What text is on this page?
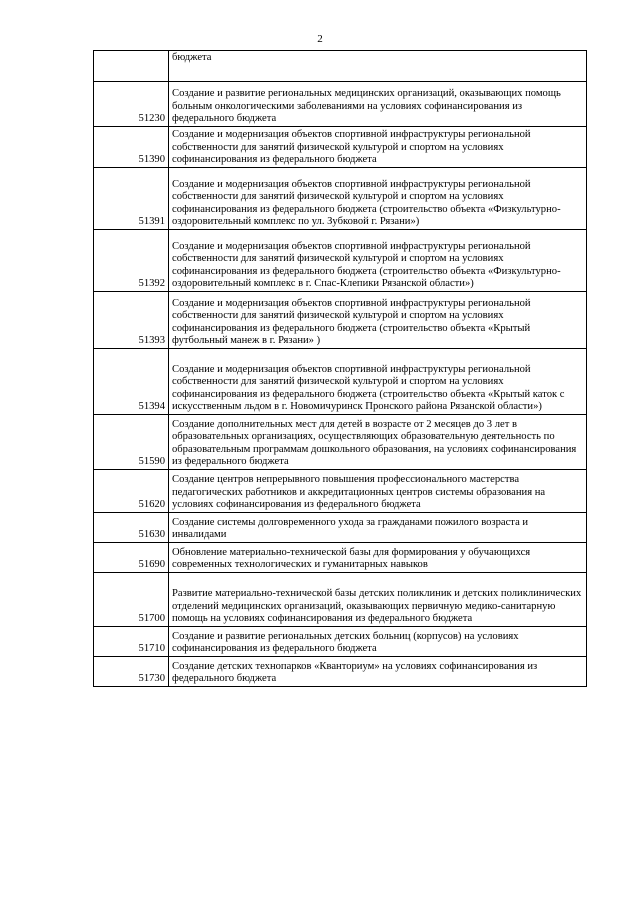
2
	бюджета
51230	Создание и развитие региональных медицинских организаций, оказывающих помощь больным онкологическими заболеваниями на условиях софинансирования из федерального бюджета
51390	Создание и модернизация объектов спортивной инфраструктуры региональной собственности для занятий физической культурой и спортом на условиях софинансирования из федерального бюджета
51391	Создание и модернизация объектов спортивной инфраструктуры региональной собственности для занятий физической культурой и спортом на условиях софинансирования из федерального бюджета (строительство объекта «Физкультурно-оздоровительный комплекс по ул. Зубковой г. Рязани»)
51392	Создание и модернизация объектов спортивной инфраструктуры региональной собственности для занятий физической культурой и спортом на условиях софинансирования из федерального бюджета (строительство объекта «Физкультурно-оздоровительный комплекс в г. Спас-Клепики Рязанской области»)
51393	Создание и модернизация объектов спортивной инфраструктуры региональной собственности для занятий физической культурой и спортом на условиях софинансирования из федерального бюджета (строительство объекта «Крытый футбольный манеж в г. Рязани» )
51394	Создание и модернизация объектов спортивной инфраструктуры региональной собственности для занятий физической культурой и спортом на условиях софинансирования из федерального бюджета (строительство объекта «Крытый каток с искусственным льдом в г. Новомичуринск Пронского района Рязанской области»)
51590	Создание дополнительных мест для детей в возрасте от 2 месяцев до 3 лет в образовательных организациях, осуществляющих образовательную деятельность по образовательным программам дошкольного образования, на условиях софинансирования из федерального бюджета
51620	Создание центров непрерывного повышения профессионального мастерства педагогических работников и аккредитационных центров системы образования на условиях софинансирования из федерального бюджета
51630	Создание системы долговременного ухода за гражданами пожилого возраста и инвалидами
51690	Обновление материально-технической базы для формирования у обучающихся современных технологических и гуманитарных навыков
51700	Развитие материально-технической базы детских поликлиник и детских поликлинических отделений медицинских организаций, оказывающих первичную медико-санитарную помощь на условиях софинансирования из федерального бюджета
51710	Создание и развитие региональных детских больниц (корпусов) на условиях софинансирования из федерального бюджета
51730	Создание детских технопарков «Кванториум» на условиях софинансирования из федерального бюджета
